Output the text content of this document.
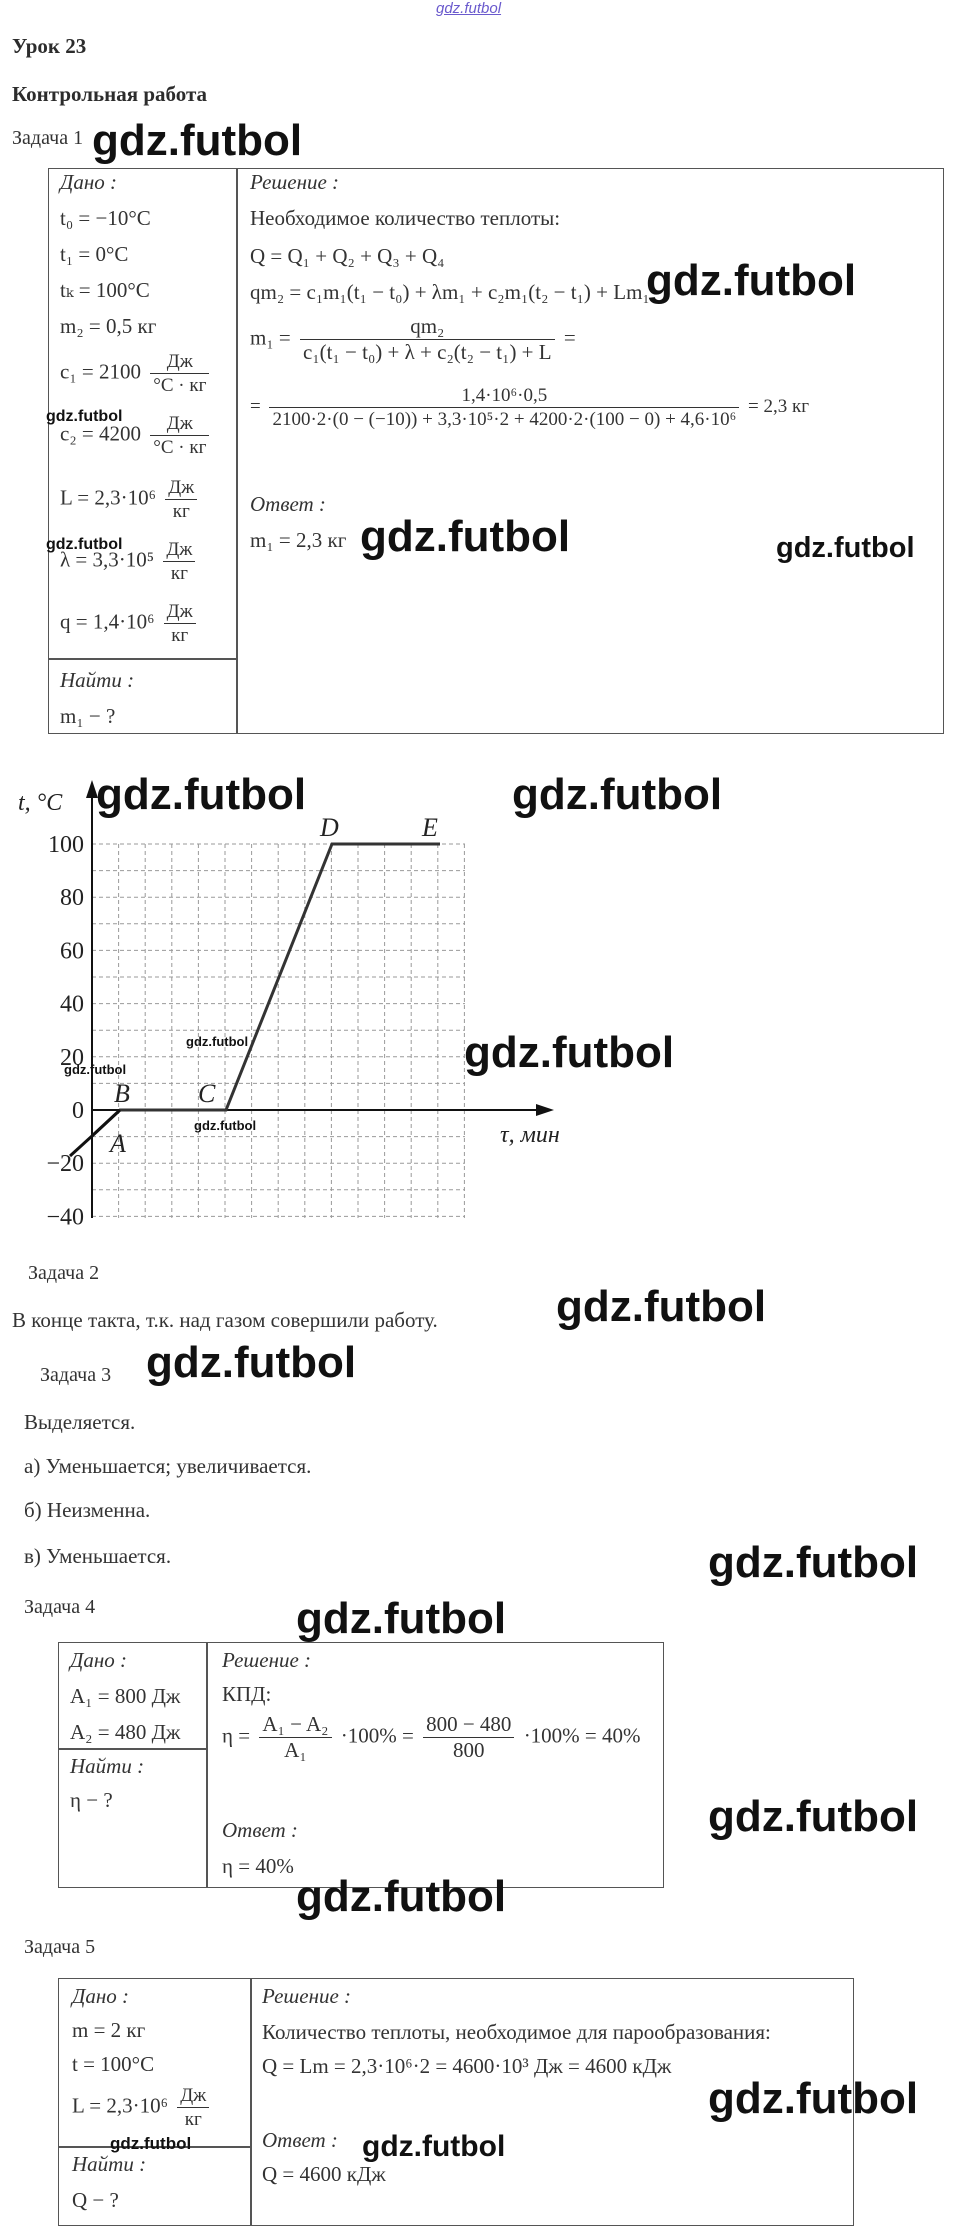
gdz.futbol
Урок 23
Контрольная работа
Задача 1 gdz.futbol
Дано :
t₀ = −10°C
t₁ = 0°C
tₖ = 100°C
m₂ = 0,5 кг
$c_1 = 2100 \frac{Дж}{^\circ C \cdot кг}$
$c_2 = 4200 \frac{Дж}{^\circ C \cdot кг}$
$L = 2,3\cdot 10^6 \frac{Дж}{кг}$
$\lambda = 3,3\cdot 10^5 \frac{Дж}{кг}$
$q = 1,4\cdot 10^6 \frac{Дж}{кг}$
Найти :
m₁ − ?
Решение :
Необходимое количество теплоты:
Q = Q₁ + Q₂ + Q₃ + Q₄
qm₂ = c₁m₁(t₁ − t₀) + λm₁ + c₂m₁(t₂ − t₁) + Lm₁
$m_1 = \frac{\text{qm₂}}{\text{c₁(t₁ − t₀) + λ + c₂(t₂ − t₁) + L}}$ =
= $\frac{\text{1,4·10⁶·0,5}}{\text{2100·2·(0 − (−10)) + 3,3·10⁵·2 + 4200·2·(100 − 0) + 4,6·10⁶}} = 2,3$ кг
Ответ :
m₁ = 2,3 кг
gdz.futbol
gdz.futbol
gdz.futbol	gdz.futbol	gdz.futbol
100
80
60
40
20
0
−20
−40
t, °C
τ, мин
A
B	C
D	E
gdz.futbol	gdz.futbol
gdz.futbol
gdz.futbol
gdz.futbol
gdz.futbol
Задача 2
В конце такта, т.к. над газом совершили работу.	gdz.futbol
Задача 3 gdz.futbol
Выделяется.
а) Уменьшается; увеличивается.
б) Неизменна.
в) Уменьшается.	gdz.futbol
Задача 4	gdz.futbol
Дано :
A₁ = 800 Дж
A₂ = 480 Дж
Найти :
η − ?
Решение :
КПД:
$\eta = \frac{\text{A₁ − A₂}}{\text{A₁}} \cdot 100\% = \frac{800 - 480}{800} \cdot 100\% = 40\%$
Ответ :
η = 40%
gdz.futbol
gdz.futbol
Задача 5
Дано :
m = 2 кг
t = 100°C
$L = 2,3\cdot 10^6 \frac{Дж}{кг}$
Найти :
Q − ?
Решение :
Количество теплоты, необходимое для парообразования:
Q = Lm = 2,3·10⁶·2 = 4600·10³ Дж = 4600 кДж
Ответ :
Q = 4600 кДж
gdz.futbol
gdz.futbol
gdz.futbol
